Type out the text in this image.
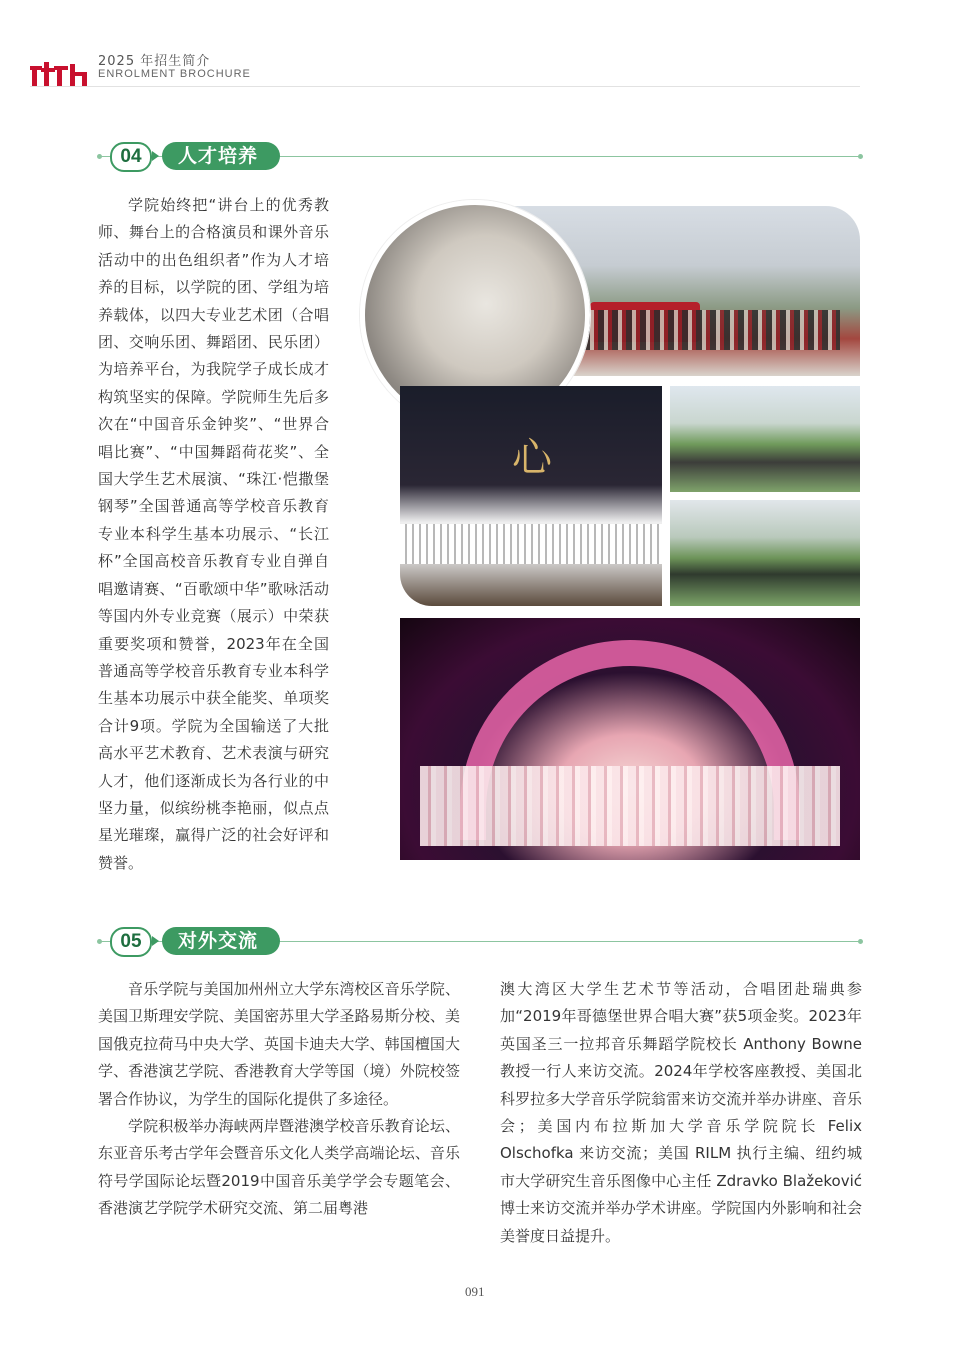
2025 年招生简介
ENROLMENT BROCHURE
04	人才培养

学院始终把“讲台上的优秀教师、舞台上的合格演员和课外音乐活动中的出色组织者”作为人才培养的目标，以学院的团、学组为培养载体，以四大专业艺术团（合唱团、交响乐团、舞蹈团、民乐团）为培养平台，为我院学子成长成才构筑坚实的保障。学院师生先后多次在“中国音乐金钟奖”、“世界合唱比赛”、“中国舞蹈荷花奖”、全国大学生艺术展演、“珠江·恺撒堡钢琴”全国普通高等学校音乐教育专业本科学生基本功展示、“长江杯”全国高校音乐教育专业自弹自唱邀请赛、“百歌颂中华”歌咏活动等国内外专业竞赛（展示）中荣获重要奖项和赞誉，2023年在全国普通高等学校音乐教育专业本科学生基本功展示中获全能奖、单项奖合计9项。学院为全国输送了大批高水平艺术教育、艺术表演与研究人才，他们逐渐成长为各行业的中坚力量，似缤纷桃李艳丽，似点点星光璀璨，赢得广泛的社会好评和赞誉。

心
05	对外交流

音乐学院与美国加州州立大学东湾校区音乐学院、美国卫斯理安学院、美国密苏里大学圣路易斯分校、美国俄克拉荷马中央大学、英国卡迪夫大学、韩国檀国大学、香港演艺学院、香港教育大学等国（境）外院校签署合作协议，为学生的国际化提供了多途径。

学院积极举办海峡两岸暨港澳学校音乐教育论坛、东亚音乐考古学年会暨音乐文化人类学高端论坛、音乐符号学国际论坛暨2019中国音乐美学学会专题笔会、香港演艺学院学术研究交流、第二届粤港

澳大湾区大学生艺术节等活动，合唱团赴瑞典参加“2019年哥德堡世界合唱大赛”获5项金奖。2023年英国圣三一拉邦音乐舞蹈学院校长 Anthony Bowne 教授一行人来访交流。2024年学校客座教授、美国北科罗拉多大学音乐学院翁雷来访交流并举办讲座、音乐会；美国内布拉斯加大学音乐学院院长 Felix Olschofka 来访交流；美国 RILM 执行主编、纽约城市大学研究生音乐图像中心主任 Zdravko Blažeković 博士来访交流并举办学术讲座。学院国内外影响和社会美誉度日益提升。

091
